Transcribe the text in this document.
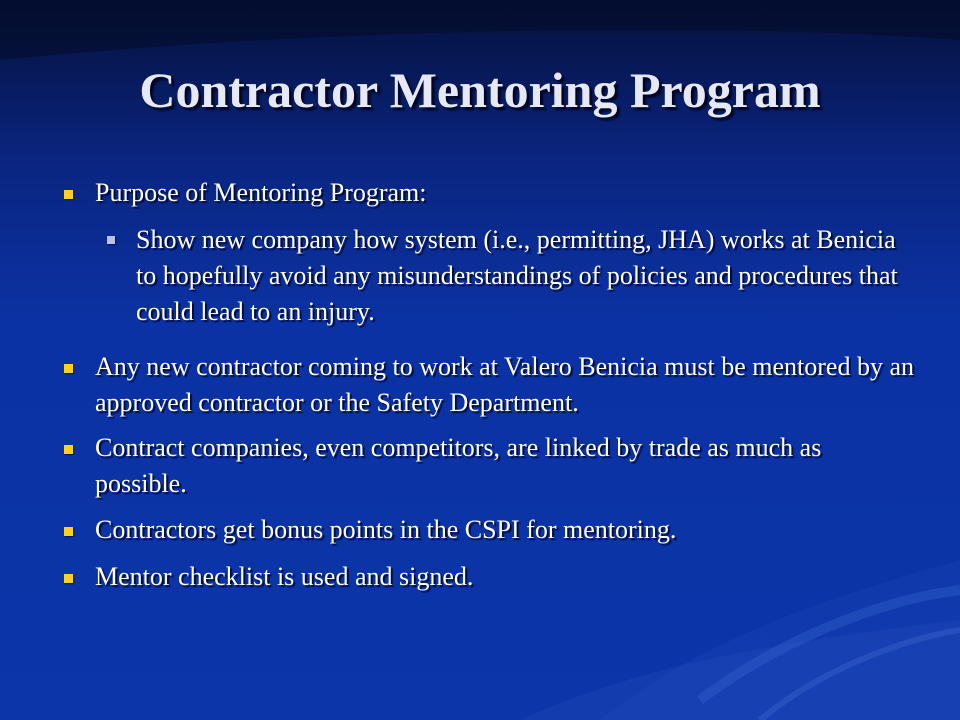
Contractor Mentoring Program
Purpose of Mentoring Program:
Show new company how system (i.e., permitting, JHA) works at Benicia to hopefully avoid any misunderstandings of policies and procedures that could lead to an injury.
Any new contractor coming to work at Valero Benicia must be mentored by an approved contractor or the Safety Department.
Contract companies, even competitors, are linked by trade as much as possible.
Contractors get bonus points in the CSPI for mentoring.
Mentor checklist is used and signed.
